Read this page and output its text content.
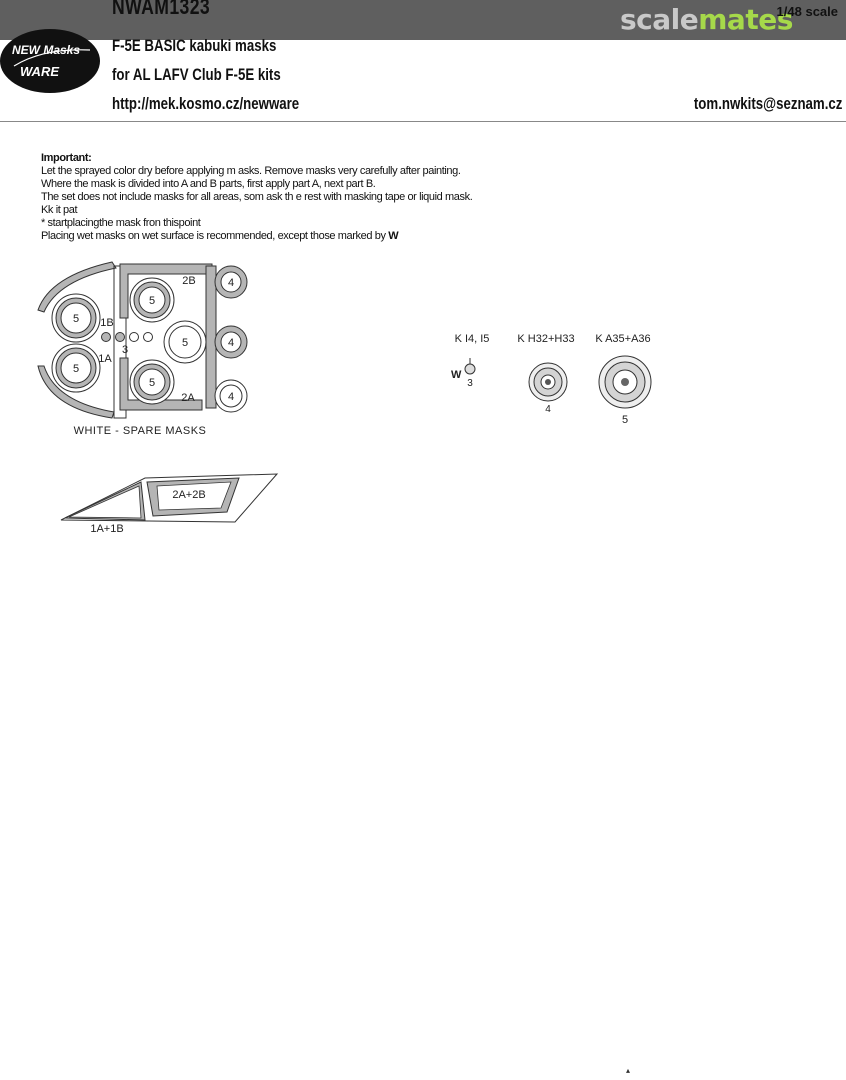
NWAM1323	scalemates
1/48 scale
NEW Masks
WARE
F-5E BASIC kabuki masks
for AL LAFV Club F-5E kits
http://mek.kosmo.cz/newware	tom.nwkits@seznam.cz
Important:
Let the sprayed color dry before applying m asks. Remove masks very carefully after painting.
Where the mask is divided into A and B parts, first apply part A, next part B.
The set does not include masks for all areas, som ask th e rest with masking tape or liquid mask.
Kk it pat
* startplacingthe mask fron thispoint
Placing wet masks on wet surface is recommended, except those marked by W
5
5
5
5
5
4
4
4
1B
1A
2B
2A
3
WHITE - SPARE MASKS
2A+2B
1A+1B
K I4, I5	K H32+H33 K A35+A36
W
3
4
5
▴
